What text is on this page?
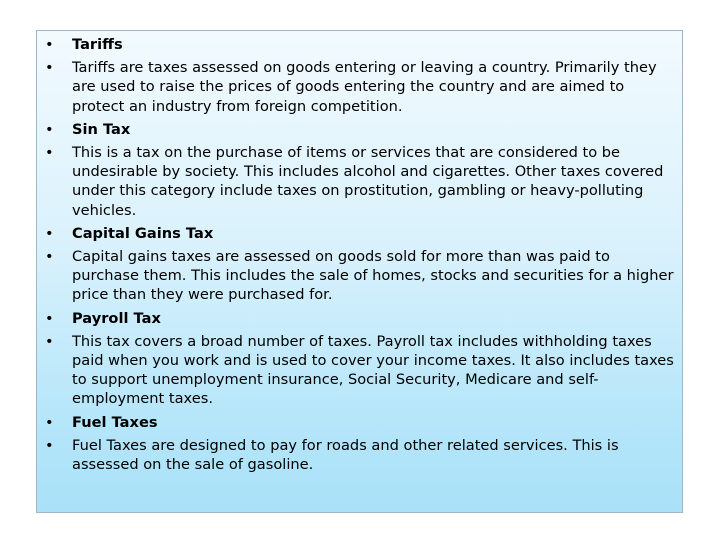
•	Tariffs
•	Tariffs are taxes assessed on goods entering or leaving a country. Primarily they are used to raise the prices of goods entering the country and are aimed to protect an industry from foreign competition.
•	Sin Tax
•	This is a tax on the purchase of items or services that are considered to be undesirable by society. This includes alcohol and cigarettes. Other taxes covered under this category include taxes on prostitution, gambling or heavy-polluting vehicles.
•	Capital Gains Tax
•	Capital gains taxes are assessed on goods sold for more than was paid to purchase them. This includes the sale of homes, stocks and securities for a higher price than they were purchased for.
•	Payroll Tax
•	This tax covers a broad number of taxes. Payroll tax includes withholding taxes paid when you work and is used to cover your income taxes. It also includes taxes to support unemployment insurance, Social Security, Medicare and self-employment taxes.
•	Fuel Taxes
•	Fuel Taxes are designed to pay for roads and other related services. This is assessed on the sale of gasoline.
